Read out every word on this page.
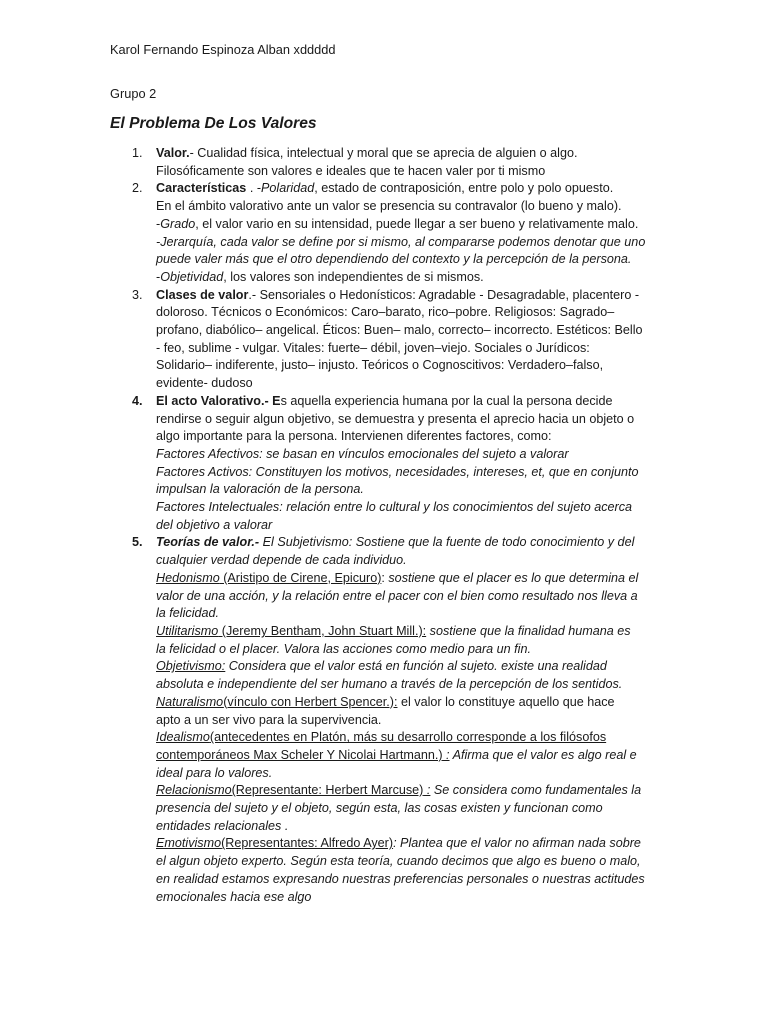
Karol Fernando Espinoza Alban xddddd
Grupo 2
El Problema De Los Valores
1. Valor.- Cualidad física, intelectual y moral que se aprecia de alguien o algo.
Filosóficamente son valores e ideales que te hacen valer por ti mismo
2. Características . -Polaridad, estado de contraposición, entre polo y polo opuesto.
En el ámbito valorativo ante un valor se presencia su contravalor (lo bueno y malo).
-Grado, el valor vario en su intensidad, puede llegar a ser bueno y relativamente malo.
-Jerarquía, cada valor se define por si mismo, al compararse podemos denotar que uno
puede valer más que el otro dependiendo del contexto y la percepción de la persona.
-Objetividad, los valores son independientes de si mismos.
3. Clases de valor.- Sensoriales o Hedonísticos: Agradable - Desagradable, placentero -
doloroso. Técnicos o Económicos: Caro–barato, rico–pobre. Religiosos: Sagrado–
profano, diabólico– angelical. Éticos: Buen– malo, correcto– incorrecto. Estéticos: Bello
- feo, sublime - vulgar. Vitales: fuerte– débil, joven–viejo. Sociales o Jurídicos:
Solidario– indiferente, justo– injusto. Teóricos o Cognoscitivos: Verdadero–falso,
evidente- dudoso
4. El acto Valorativo.- Es aquella experiencia humana por la cual la persona decide
rendirse o seguir algun objetivo, se demuestra y presenta el aprecio hacia un objeto o
algo importante para la persona. Intervienen diferentes factores, como:
Factores Afectivos: se basan en vínculos emocionales del sujeto a valorar
Factores Activos: Constituyen los motivos, necesidades, intereses, et, que en conjunto
impulsan la valoración de la persona.
Factores Intelectuales: relación entre lo cultural y los conocimientos del sujeto acerca
del objetivo a valorar
5. Teorías de valor.- El Subjetivismo: Sostiene que la fuente de todo conocimiento y del
cualquier verdad depende de cada individuo.
Hedonismo (Aristipo de Cirene, Epicuro): sostiene que el placer es lo que determina el
valor de una acción, y la relación entre el pacer con el bien como resultado nos lleva a
la felicidad.
Utilitarismo (Jeremy Bentham, John Stuart Mill.): sostiene que la finalidad humana es
la felicidad o el placer. Valora las acciones como medio para un fin.
Objetivismo: Considera que el valor está en función al sujeto. existe una realidad
absoluta e independiente del ser humano a través de la percepción de los sentidos.
Naturalismo(vínculo con Herbert Spencer.): el valor lo constituye aquello que hace
apto a un ser vivo para la supervivencia.
Idealismo(antecedentes en Platón, más su desarrollo corresponde a los filósofos
contemporáneos Max Scheler Y Nicolai Hartmann.) : Afirma que el valor es algo real e
ideal para lo valores.
Relacionismo(Representante: Herbert Marcuse) : Se considera como fundamentales la
presencia del sujeto y el objeto, según esta, las cosas existen y funcionan como
entidades relacionales .
Emotivismo(Representantes: Alfredo Ayer): Plantea que el valor no afirman nada sobre
el algun objeto experto. Según esta teoría, cuando decimos que algo es bueno o malo,
en realidad estamos expresando nuestras preferencias personales o nuestras actitudes
emocionales hacia ese algo
